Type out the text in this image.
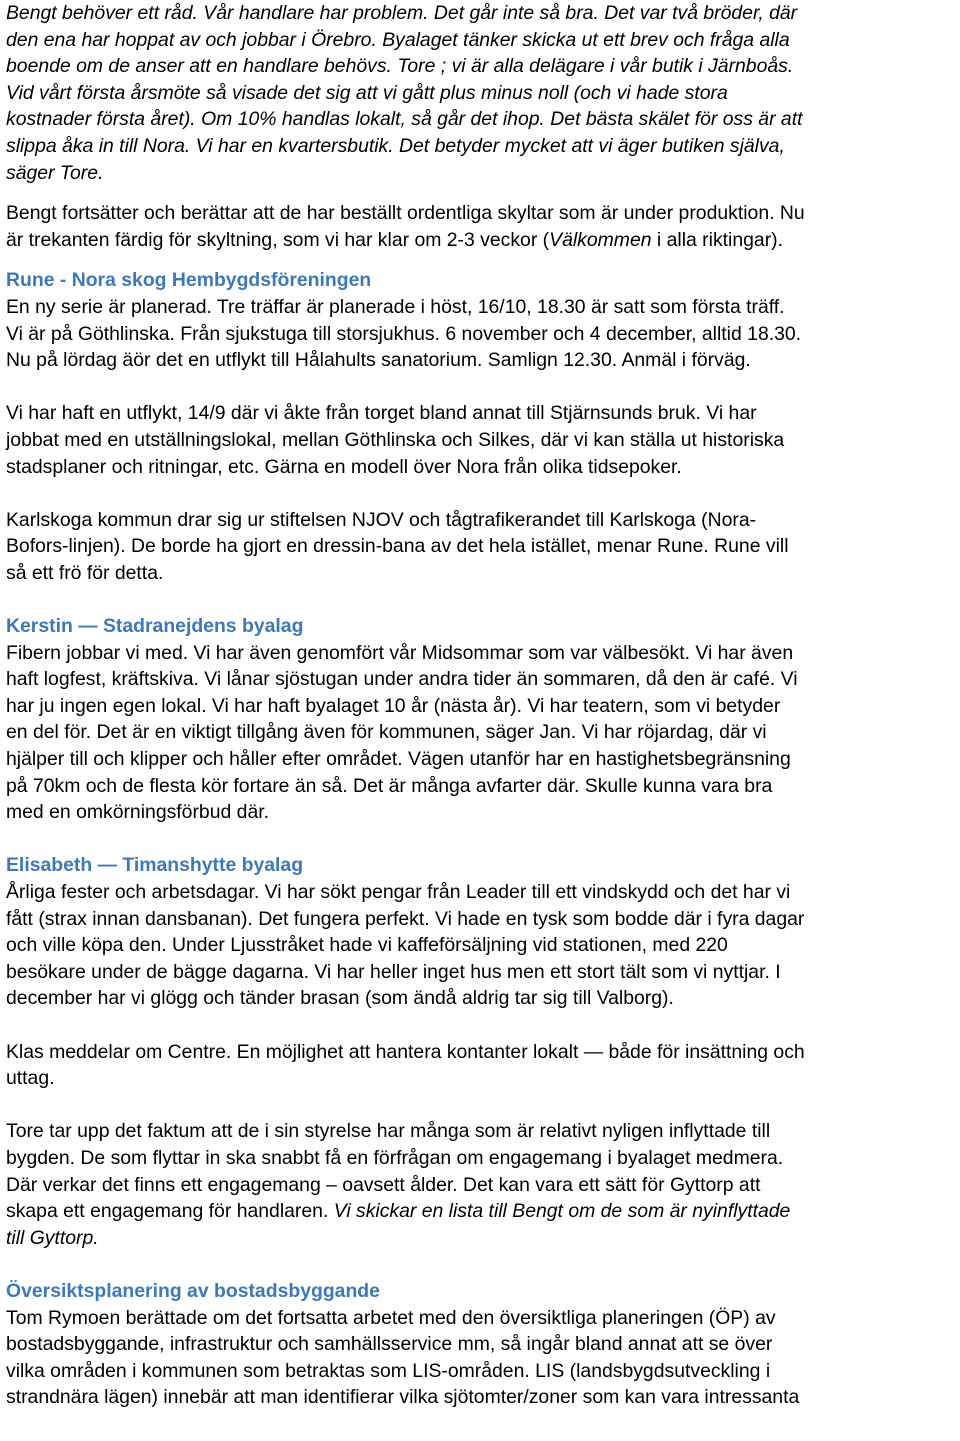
Bengt behöver ett råd. Vår handlare har problem. Det går inte så bra. Det var två bröder, där

den ena har hoppat av och jobbar i Örebro. Byalaget tänker skicka ut ett brev och fråga alla

boende om de anser att en handlare behövs. Tore ; vi är alla delägare i vår butik i Järnboås.

Vid vårt första årsmöte så visade det sig att vi gått plus minus noll (och vi hade stora

kostnader första året). Om 10% handlas lokalt, så går det ihop. Det bästa skälet för oss är att

slippa åka in till Nora. Vi har en kvartersbutik. Det betyder mycket att vi äger butiken själva,

säger Tore.

Bengt fortsätter och berättar att de har beställt ordentliga skyltar som är under produktion. Nu

är trekanten färdig för skyltning, som vi har klar om 2-3 veckor (Välkommen i alla riktingar).

Rune - Nora skog Hembygdsföreningen

En ny serie är planerad. Tre träffar är planerade i höst, 16/10, 18.30 är satt som första träff.

Vi är på Göthlinska. Från sjukstuga till storsjukhus. 6 november och 4 december, alltid 18.30.

Nu på lördag äör det en utflykt till Hålahults sanatorium. Samlign 12.30. Anmäl i förväg.

Vi har haft en utflykt, 14/9 där vi åkte från torget bland annat till Stjärnsunds bruk. Vi har

jobbat med en utställningslokal, mellan Göthlinska och Silkes, där vi kan ställa ut historiska

stadsplaner och ritningar, etc. Gärna en modell över Nora från olika tidsepoker.

Karlskoga kommun drar sig ur stiftelsen NJOV och tågtrafikerandet till Karlskoga (Nora-

Bofors-linjen). De borde ha gjort en dressin-bana av det hela istället, menar Rune. Rune vill

så ett frö för detta.

Kerstin — Stadranejdens byalag

Fibern jobbar vi med. Vi har även genomfört vår Midsommar som var välbesökt. Vi har även

haft logfest, kräftskiva. Vi lånar sjöstugan under andra tider än sommaren, då den är café. Vi

har ju ingen egen lokal. Vi har haft byalaget 10 år (nästa år). Vi har teatern, som vi betyder

en del för. Det är en viktigt tillgång även för kommunen, säger Jan. Vi har röjardag, där vi

hjälper till och klipper och håller efter området. Vägen utanför har en hastighetsbegränsning

på 70km och de flesta kör fortare än så. Det är många avfarter där. Skulle kunna vara bra

med en omkörningsförbud där.

Elisabeth — Timanshytte byalag

Årliga fester och arbetsdagar. Vi har sökt pengar från Leader till ett vindskydd och det har vi

fått (strax innan dansbanan). Det fungera perfekt. Vi hade en tysk som bodde där i fyra dagar

och ville köpa den. Under Ljusstråket hade vi kaffeförsäljning vid stationen, med 220

besökare under de bägge dagarna. Vi har heller inget hus men ett stort tält som vi nyttjar. I

december har vi glögg och tänder brasan (som ändå aldrig tar sig till Valborg).

Klas meddelar om Centre. En möjlighet att hantera kontanter lokalt — både för insättning och

uttag.

Tore tar upp det faktum att de i sin styrelse har många som är relativt nyligen inflyttade till

bygden. De som flyttar in ska snabbt få en förfrågan om engagemang i byalaget medmera.

Där verkar det finns ett engagemang – oavsett ålder. Det kan vara ett sätt för Gyttorp att

skapa ett engagemang för handlaren. Vi skickar en lista till Bengt om de som är nyinflyttade

till Gyttorp.

Översiktsplanering av bostadsbyggande

Tom Rymoen berättade om det fortsatta arbetet med den översiktliga planeringen (ÖP) av

bostadsbyggande, infrastruktur och samhällsservice mm, så ingår bland annat att se över

vilka områden i kommunen som betraktas som LIS-områden. LIS (landsbygdsutveckling i

strandnära lägen) innebär att man identifierar vilka sjötomter/zoner som kan vara intressanta
